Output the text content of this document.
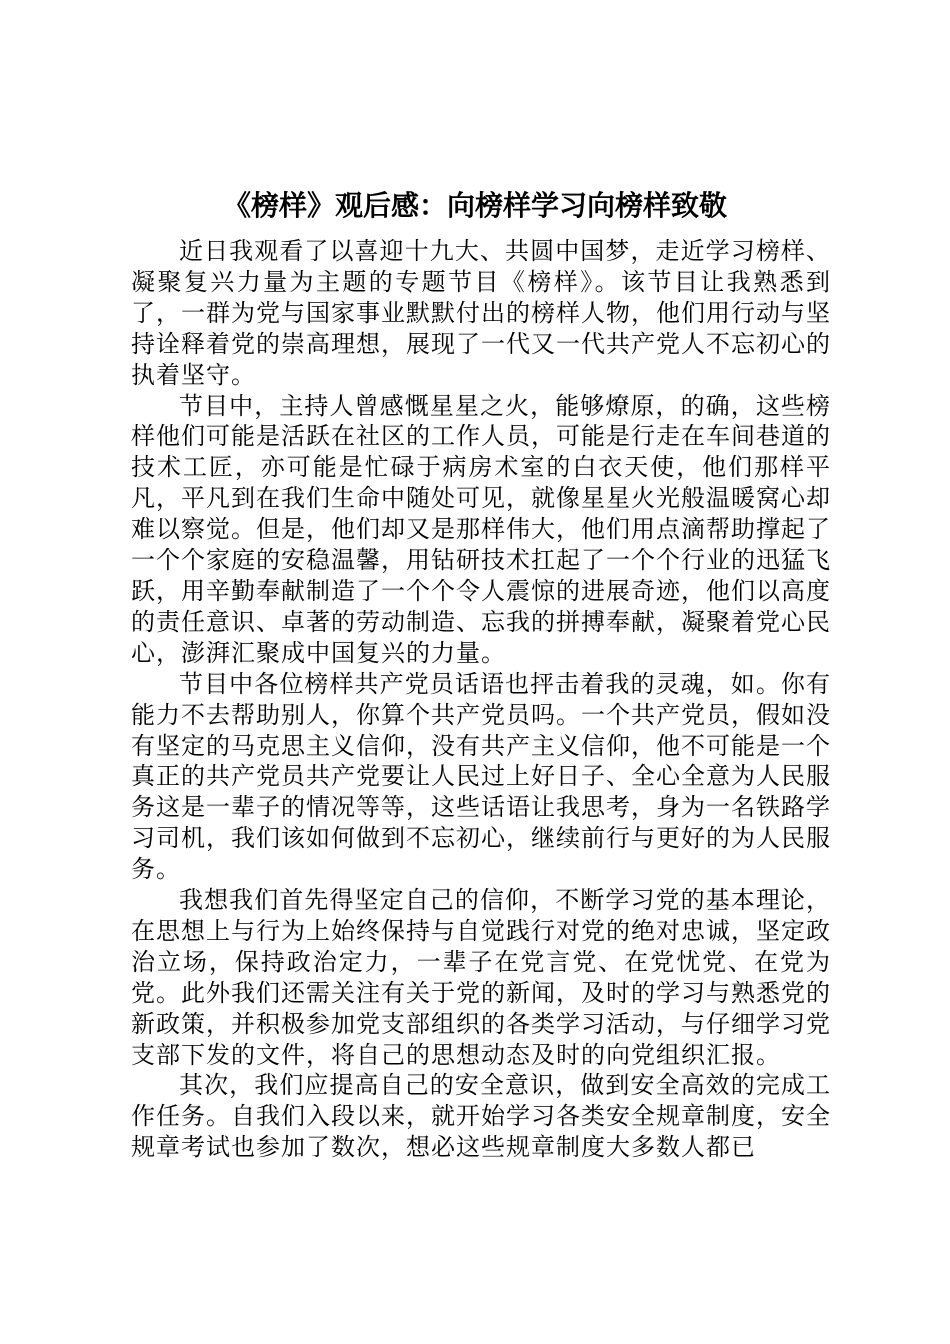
《榜样》观后感：向榜样学习向榜样致敬

近日我观看了以喜迎十九大、共圆中国梦，走近学习榜样、凝聚复兴力量为主题的专题节目《榜样》。该节目让我熟悉到了，一群为党与国家事业默默付出的榜样人物，他们用行动与坚持诠释着党的崇高理想，展现了一代又一代共产党人不忘初心的执着坚守。

节目中，主持人曾感慨星星之火，能够燎原，的确，这些榜样他们可能是活跃在社区的工作人员，可能是行走在车间巷道的技术工匠，亦可能是忙碌于病房术室的白衣天使，他们那样平凡，平凡到在我们生命中随处可见，就像星星火光般温暖窝心却难以察觉。但是，他们却又是那样伟大，他们用点滴帮助撑起了一个个家庭的安稳温馨，用钻研技术扛起了一个个行业的迅猛飞跃，用辛勤奉献制造了一个个令人震惊的进展奇迹，他们以高度的责任意识、卓著的劳动制造、忘我的拼搏奉献，凝聚着党心民心，澎湃汇聚成中国复兴的力量。

节目中各位榜样共产党员话语也抨击着我的灵魂，如。你有能力不去帮助别人，你算个共产党员吗。一个共产党员，假如没有坚定的马克思主义信仰，没有共产主义信仰，他不可能是一个真正的共产党员共产党要让人民过上好日子、全心全意为人民服务这是一辈子的情况等等，这些话语让我思考，身为一名铁路学习司机，我们该如何做到不忘初心，继续前行与更好的为人民服务。

我想我们首先得坚定自己的信仰，不断学习党的基本理论，在思想上与行为上始终保持与自觉践行对党的绝对忠诚，坚定政治立场，保持政治定力，一辈子在党言党、在党忧党、在党为党。此外我们还需关注有关于党的新闻，及时的学习与熟悉党的新政策，并积极参加党支部组织的各类学习活动，与仔细学习党支部下发的文件，将自己的思想动态及时的向党组织汇报。

其次，我们应提高自己的安全意识，做到安全高效的完成工作任务。自我们入段以来，就开始学习各类安全规章制度，安全规章考试也参加了数次，想必这些规章制度大多数人都已
